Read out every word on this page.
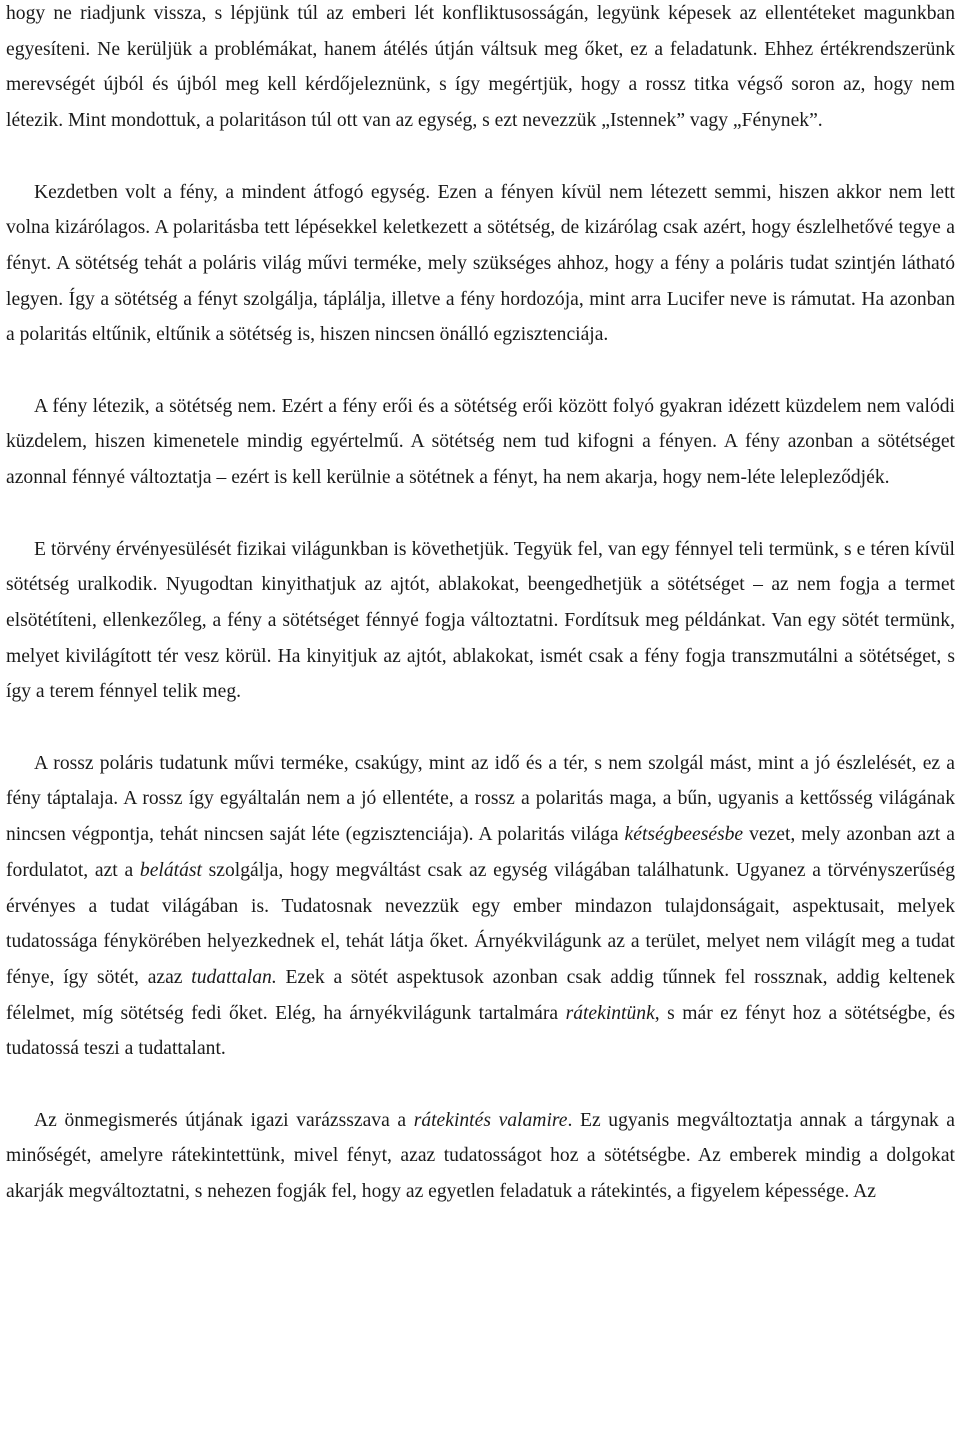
hogy ne riadjunk vissza, s lépjünk túl az emberi lét konfliktusosságán, legyünk képesek az ellentéteket magunkban egyesíteni. Ne kerüljük a problémákat, hanem átélés útján váltsuk meg őket, ez a feladatunk. Ehhez értékrendszerünk merevségét újból és újból meg kell kérdőjeleznünk, s így megértjük, hogy a rossz titka végső soron az, hogy nem létezik. Mint mondottuk, a polaritáson túl ott van az egység, s ezt nevezzük „Istennek” vagy „Fénynek”.

Kezdetben volt a fény, a mindent átfogó egység. Ezen a fényen kívül nem létezett semmi, hiszen akkor nem lett volna kizárólagos. A polaritásba tett lépésekkel keletkezett a sötétség, de kizárólag csak azért, hogy észlelhetővé tegye a fényt. A sötétség tehát a poláris világ művi terméke, mely szükséges ahhoz, hogy a fény a poláris tudat szintjén látható legyen. Így a sötétség a fényt szolgálja, táplálja, illetve a fény hordozója, mint arra Lucifer neve is rámutat. Ha azonban a polaritás eltűnik, eltűnik a sötétség is, hiszen nincsen önálló egzisztenciája.

A fény létezik, a sötétség nem. Ezért a fény erői és a sötétség erői között folyó gyakran idézett küzdelem nem valódi küzdelem, hiszen kimenetele mindig egyértelmű. A sötétség nem tud kifogni a fényen. A fény azonban a sötétséget azonnal fénnyé változtatja – ezért is kell kerülnie a sötétnek a fényt, ha nem akarja, hogy nem-léte lelepleződjék.

E törvény érvényesülését fizikai világunkban is követhetjük. Tegyük fel, van egy fénnyel teli termünk, s e téren kívül sötétség uralkodik. Nyugodtan kinyithatjuk az ajtót, ablakokat, beengedhetjük a sötétséget – az nem fogja a termet elsötétíteni, ellenkezőleg, a fény a sötétséget fénnyé fogja változtatni. Fordítsuk meg példánkat. Van egy sötét termünk, melyet kivilágított tér vesz körül. Ha kinyitjuk az ajtót, ablakokat, ismét csak a fény fogja transzmutálni a sötétséget, s így a terem fénnyel telik meg.

A rossz poláris tudatunk művi terméke, csakúgy, mint az idő és a tér, s nem szolgál mást, mint a jó észlelését, ez a fény táptalaja. A rossz így egyáltalán nem a jó ellentéte, a rossz a polaritás maga, a bűn, ugyanis a kettősség világának nincsen végpontja, tehát nincsen saját léte (egzisztenciája). A polaritás világa kétségbeesésbe vezet, mely azonban azt a fordulatot, azt a belátást szolgálja, hogy megváltást csak az egység világában találhatunk. Ugyanez a törvényszerűség érvényes a tudat világában is. Tudatosnak nevezzük egy ember mindazon tulajdonságait, aspektusait, melyek tudatossága fénykörében helyezkednek el, tehát látja őket. Árnyékvilágunk az a terület, melyet nem világít meg a tudat fénye, így sötét, azaz tudattalan. Ezek a sötét aspektusok azonban csak addig tűnnek fel rossznak, addig keltenek félelmet, míg sötétség fedi őket. Elég, ha árnyékvilágunk tartalmára rátekintünk, s már ez fényt hoz a sötétségbe, és tudatossá teszi a tudattalant.

Az önmegismerés útjának igazi varázsszava a rátekintés valamire. Ez ugyanis megváltoztatja annak a tárgynak a minőségét, amelyre rátekintettünk, mivel fényt, azaz tudatosságot hoz a sötétségbe. Az emberek mindig a dolgokat akarják megváltoztatni, s nehezen fogják fel, hogy az egyetlen feladatuk a rátekintés, a figyelem képessége. Az
